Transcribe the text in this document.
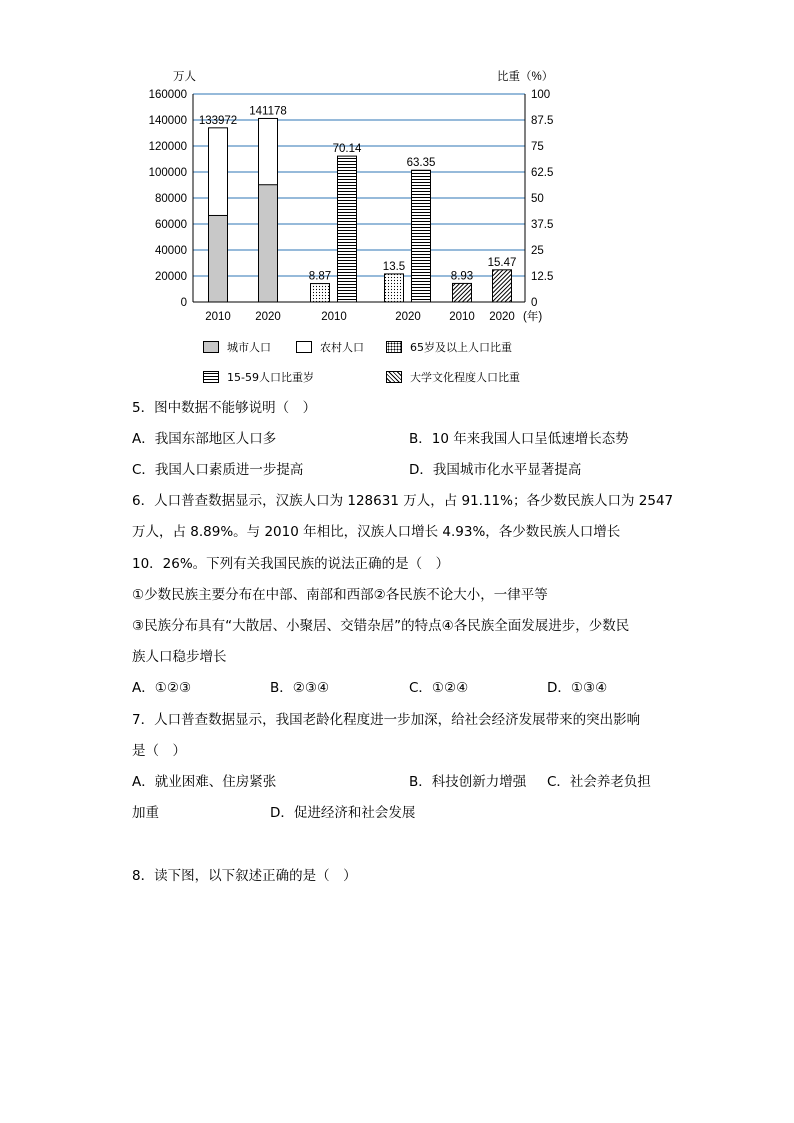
160000	100
140000	87.5
120000	75
100000	62.5
80000	50
60000	37.5
40000	25
20000	12.5
0	0
万人	比重（%）
133972
141178
8.87
13.5
70.14
63.35
8.93
15.47
2010 2020	2010	2020 2010 2020 (年)
城市人口	农村人口	65岁及以上人口比重
15-59人口比重岁	大学文化程度人口比重
5．图中数据不能够说明（　）
A．我国东部地区人口多	B．10 年来我国人口呈低速增长态势
C．我国人口素质进一步提高	D．我国城市化水平显著提高
6．人口普查数据显示，汉族人口为 128631 万人，占 91.11%；各少数民族人口为 2547
万人，占 8.89%。与 2010 年相比，汉族人口增长 4.93%，各少数民族人口增长
10．26%。下列有关我国民族的说法正确的是（　）
①少数民族主要分布在中部、南部和西部②各民族不论大小，一律平等
③民族分布具有“大散居、小聚居、交错杂居”的特点④各民族全面发展进步，少数民
族人口稳步增长
A．①②③	B．②③④	C．①②④	D．①③④
7．人口普查数据显示，我国老龄化程度进一步加深，给社会经济发展带来的突出影响
是（　）
A．就业困难、住房紧张	B．科技创新力增强 C．社会养老负担
加重	D．促进经济和社会发展
8．读下图，以下叙述正确的是（　）
